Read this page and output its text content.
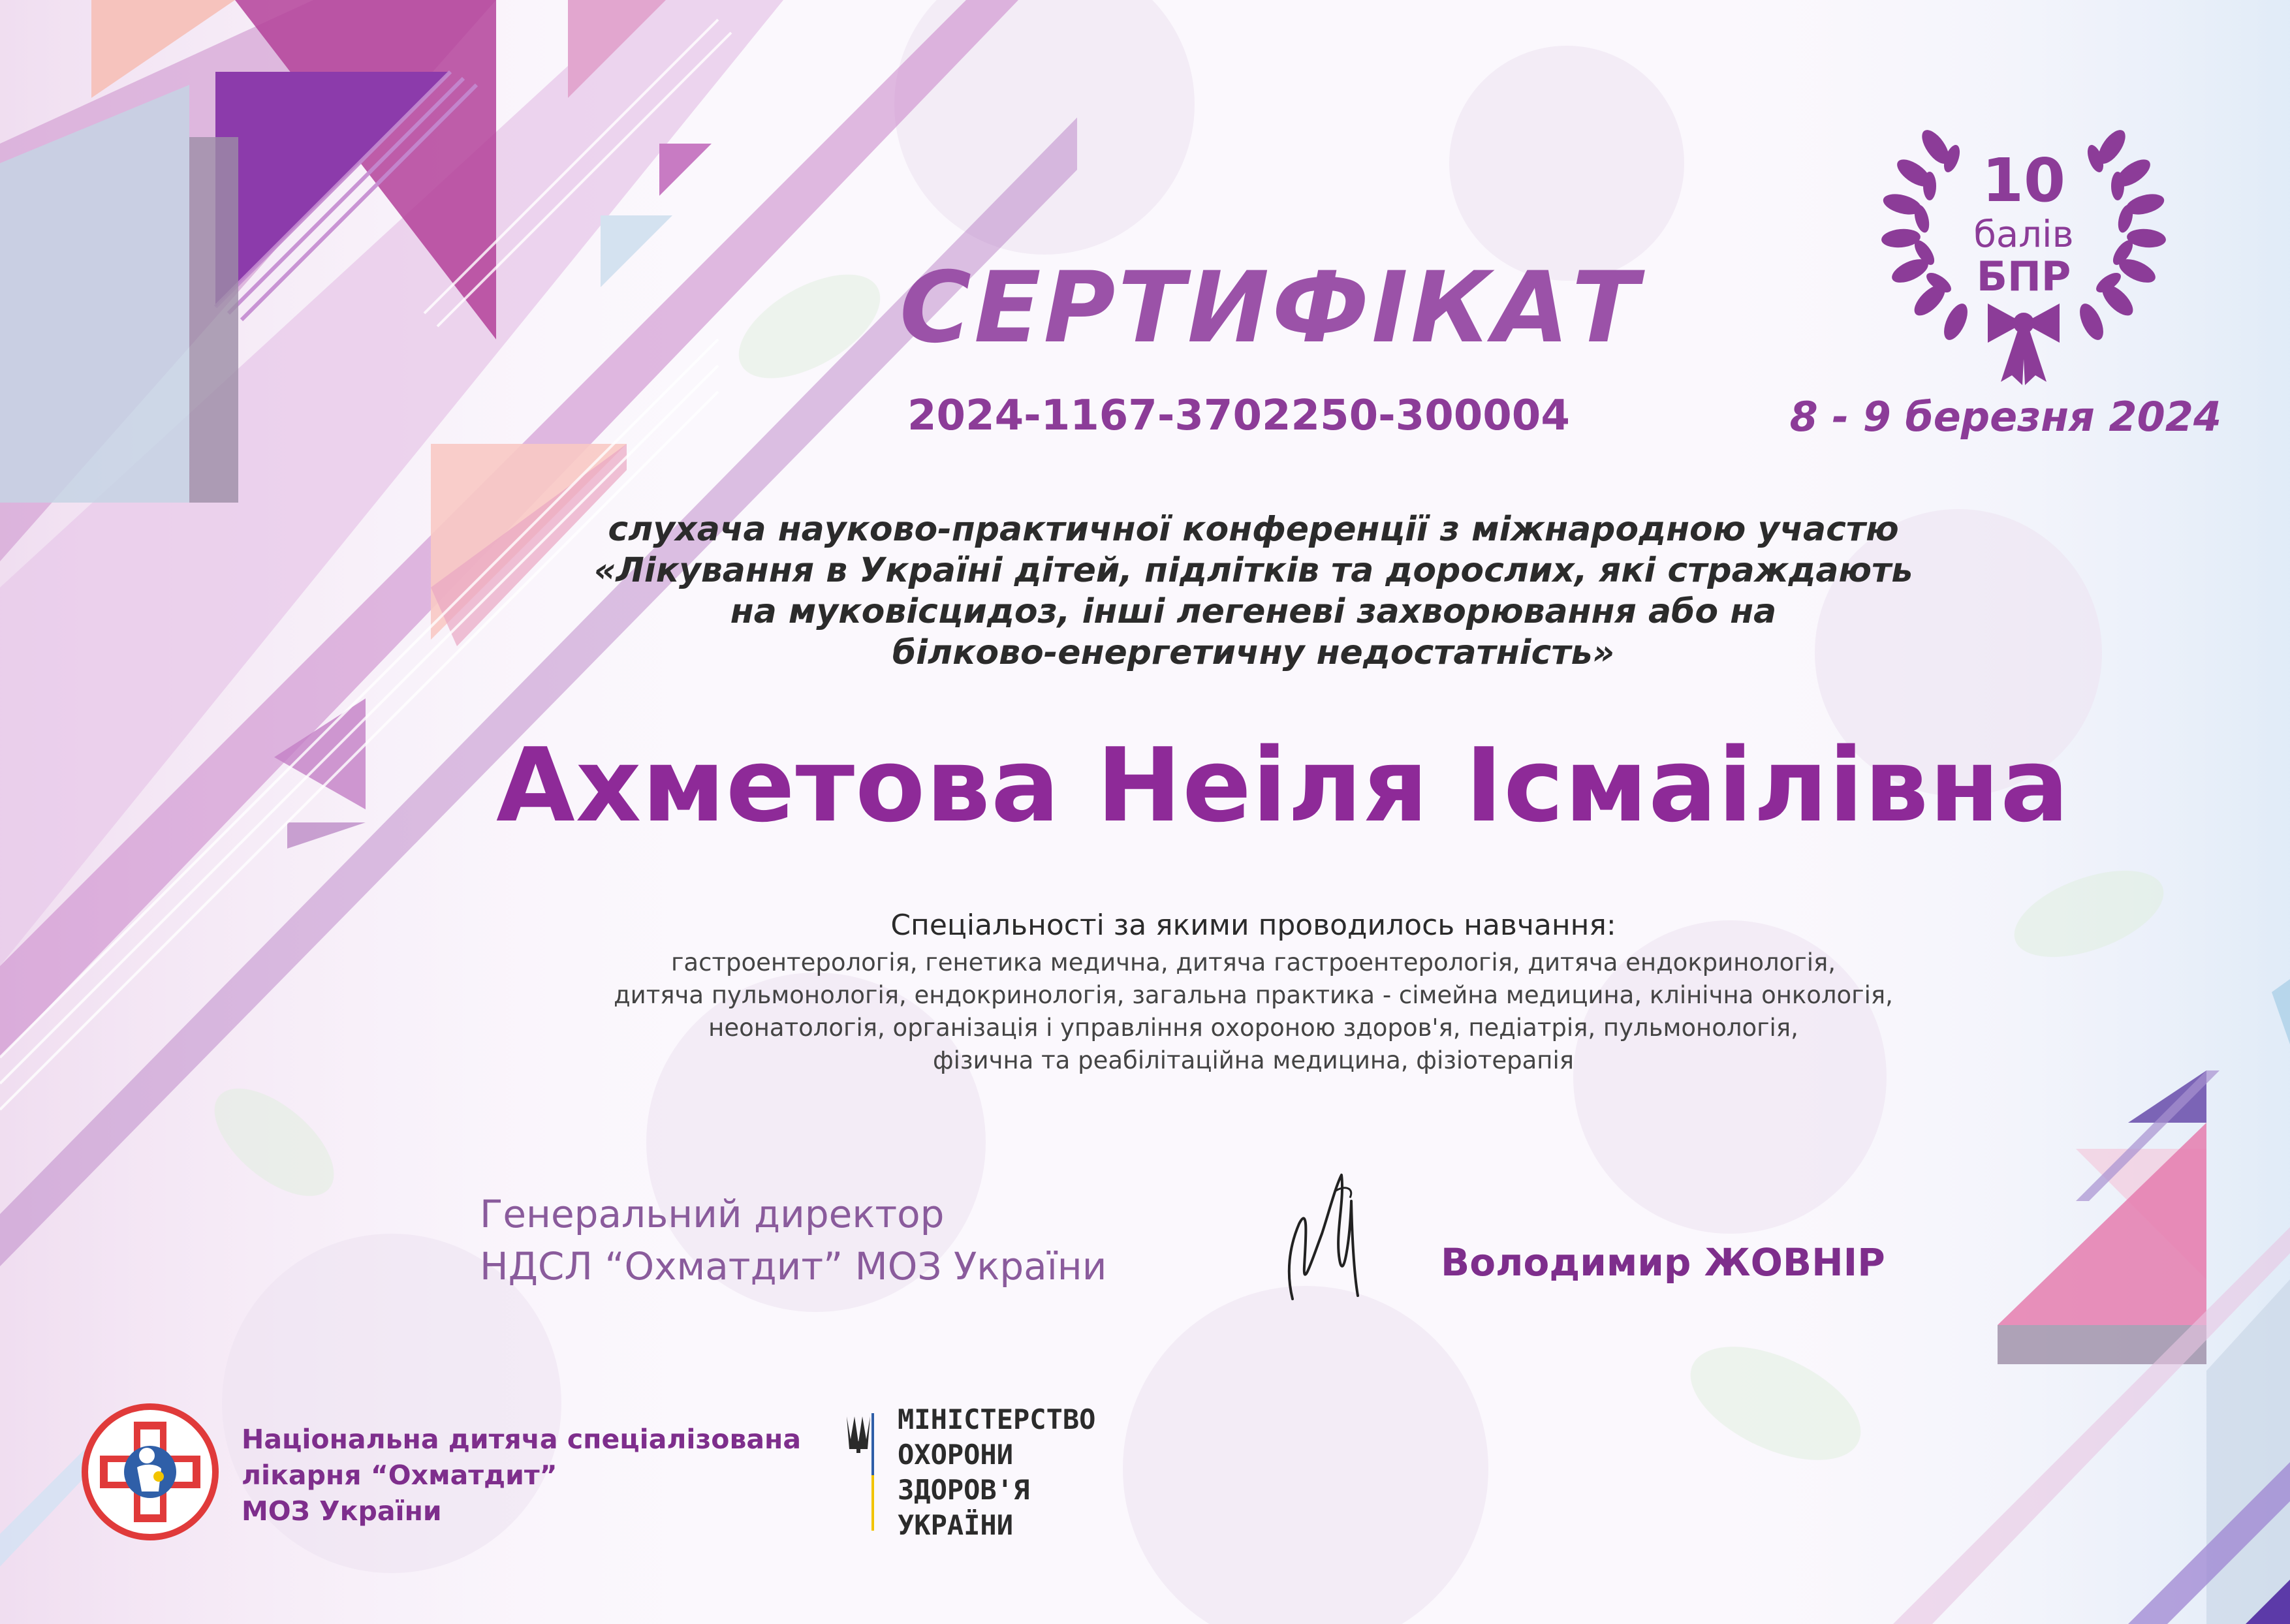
10
балів
БПР
СЕРТИФІКАТ
2024-1167-3702250-300004	8 - 9 березня 2024
слухача науково-практичної конференції з міжнародною участю
«Лікування в Україні дітей, підлітків та дорослих, які страждають
на муковісцидоз, інші легеневі захворювання або на
білково-енергетичну недостатність»
Ахметова Неіля Ісмаілівна
Спеціальності за якими проводилось навчання:
гастроентерологія, генетика медична, дитяча гастроентерологія, дитяча ендокринологія,
дитяча пульмонологія, ендокринологія, загальна практика - сімейна медицина, клінічна онкологія,
неонатологія, організація і управління охороною здоров'я, педіатрія, пульмонологія,
фізична та реабілітаційна медицина, фізіотерапія
Генеральний директор
НДСЛ “Охматдит” МОЗ України	Володимир ЖОВНІР
Національна дитяча спеціалізована
лікарня “Охматдит”
МОЗ України
МІНІСТЕРСТВО
ОХОРОНИ
ЗДОРОВ'Я
УКРАЇНИ
